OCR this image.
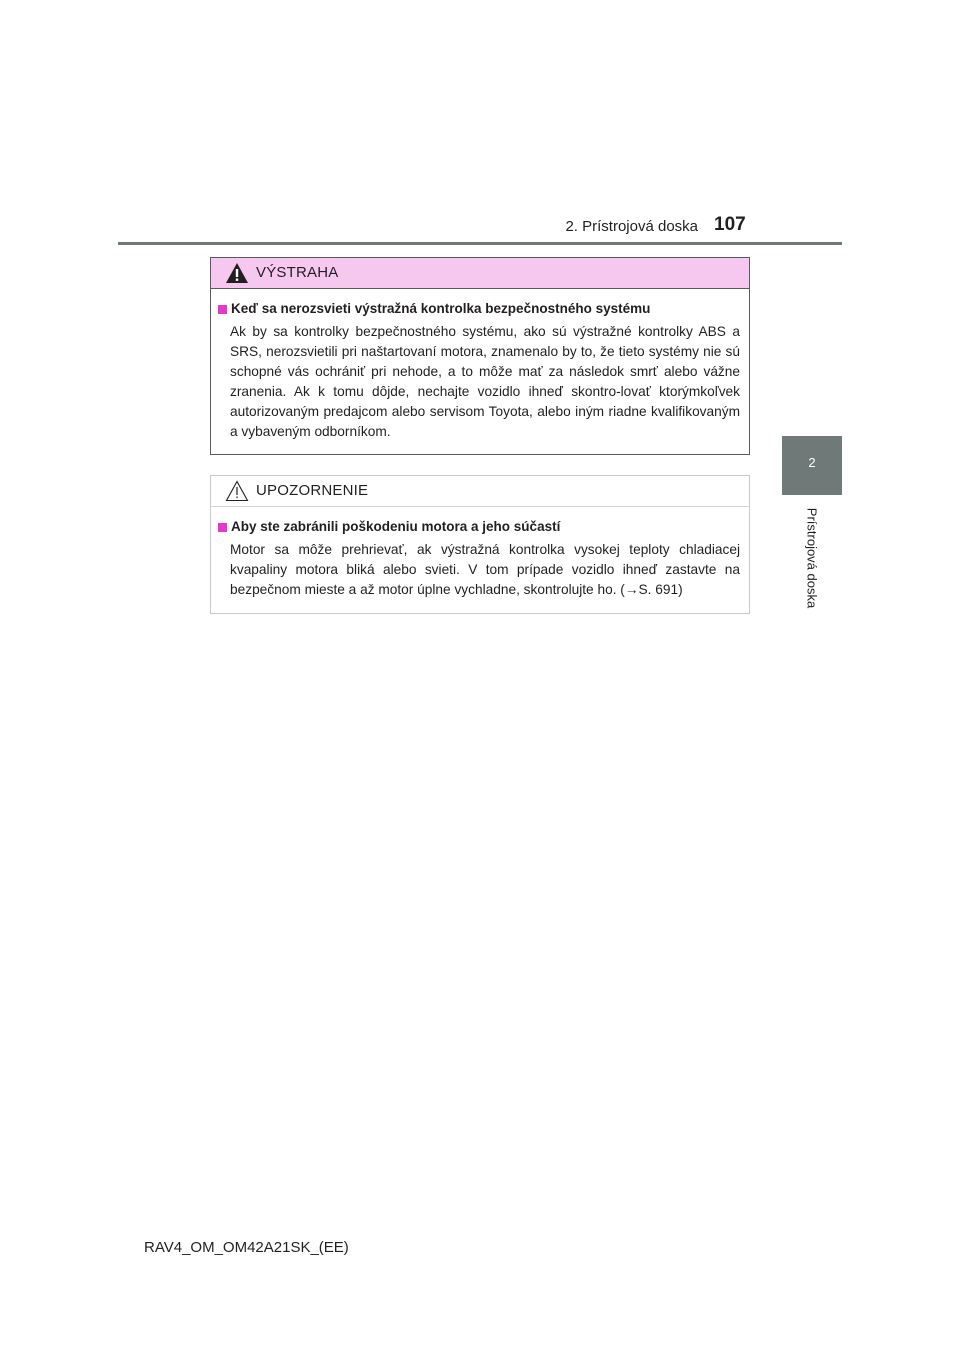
2. Prístrojová doska 107
2
Prístrojová doska
VÝSTRAHA
Keď sa nerozsvieti výstražná kontrolka bezpečnostného systému
Ak by sa kontrolky bezpečnostného systému, ako sú výstražné kontrolky ABS a SRS, nerozsvietili pri naštartovaní motora, znamenalo by to, že tieto systémy nie sú schopné vás ochrániť pri nehode, a to môže mať za následok smrť alebo vážne zranenia. Ak k tomu dôjde, nechajte vozidlo ihneď skontro-lovať ktorýmkoľvek autorizovaným predajcom alebo servisom Toyota, alebo iným riadne kvalifikovaným a vybaveným odborníkom.
UPOZORNENIE
Aby ste zabránili poškodeniu motora a jeho súčastí
Motor sa môže prehrievať, ak výstražná kontrolka vysokej teploty chladiacej kvapaliny motora bliká alebo svieti. V tom prípade vozidlo ihneď zastavte na bezpečnom mieste a až motor úplne vychladne, skontrolujte ho. (→S. 691)
RAV4_OM_OM42A21SK_(EE)
